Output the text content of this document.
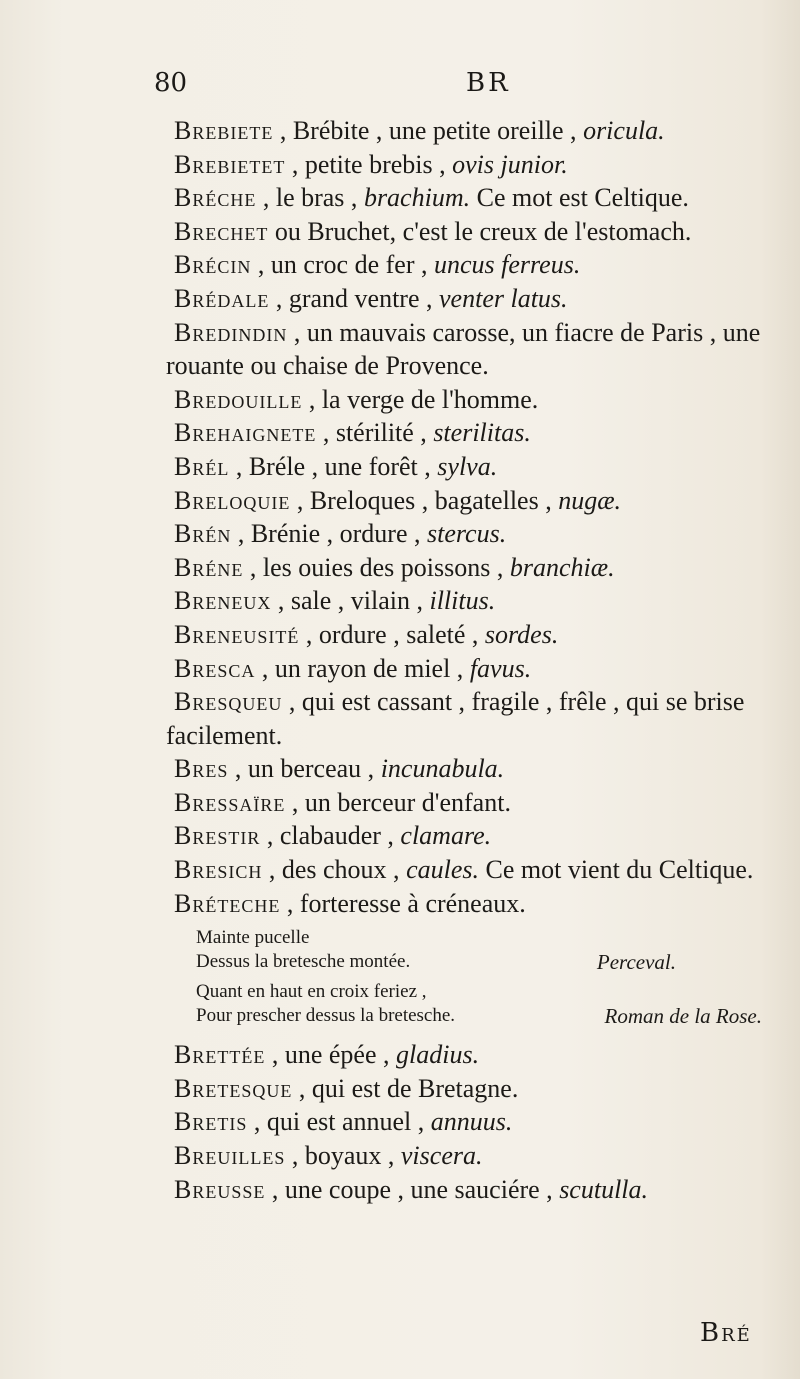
80	BR

Brebiete , Brébite , une petite oreille , oricula.

Brebietet , petite brebis , ovis junior.

Bréche , le bras , brachium. Ce mot est Celtique.

Brechet ou Bruchet, c'est le creux de l'estomach.

Brécin , un croc de fer , uncus ferreus.

Brédale , grand ventre , venter latus.

Bredindin , un mauvais carosse, un fiacre de Paris , une rouante ou chaise de Provence.

Bredouille , la verge de l'homme.

Brehaignete , stérilité , sterilitas.

Brél , Bréle , une forêt , sylva.

Breloquie , Breloques , bagatelles , nugæ.

Brén , Brénie , ordure , stercus.

Bréne , les ouies des poissons , branchiæ.

Breneux , sale , vilain , illitus.

Breneusité , ordure , saleté , sordes.

Bresca , un rayon de miel , favus.

Bresqueu , qui est cassant , fragile , frêle , qui se brise facilement.

Bres , un berceau , incunabula.

Bressaïre , un berceur d'enfant.

Brestir , clabauder , clamare.

Bresich , des choux , caules. Ce mot vient du Celtique.

Bréteche , forteresse à créneaux.

Mainte pucelle
Dessus la bretesche montée.	Perceval.
Quant en haut en croix feriez ,
Pour prescher dessus la bretesche.	Roman de la Rose.

Brettée , une épée , gladius.

Bretesque , qui est de Bretagne.

Bretis , qui est annuel , annuus.

Breuilles , boyaux , viscera.

Breusse , une coupe , une sauciére , scutulla.

Bré
